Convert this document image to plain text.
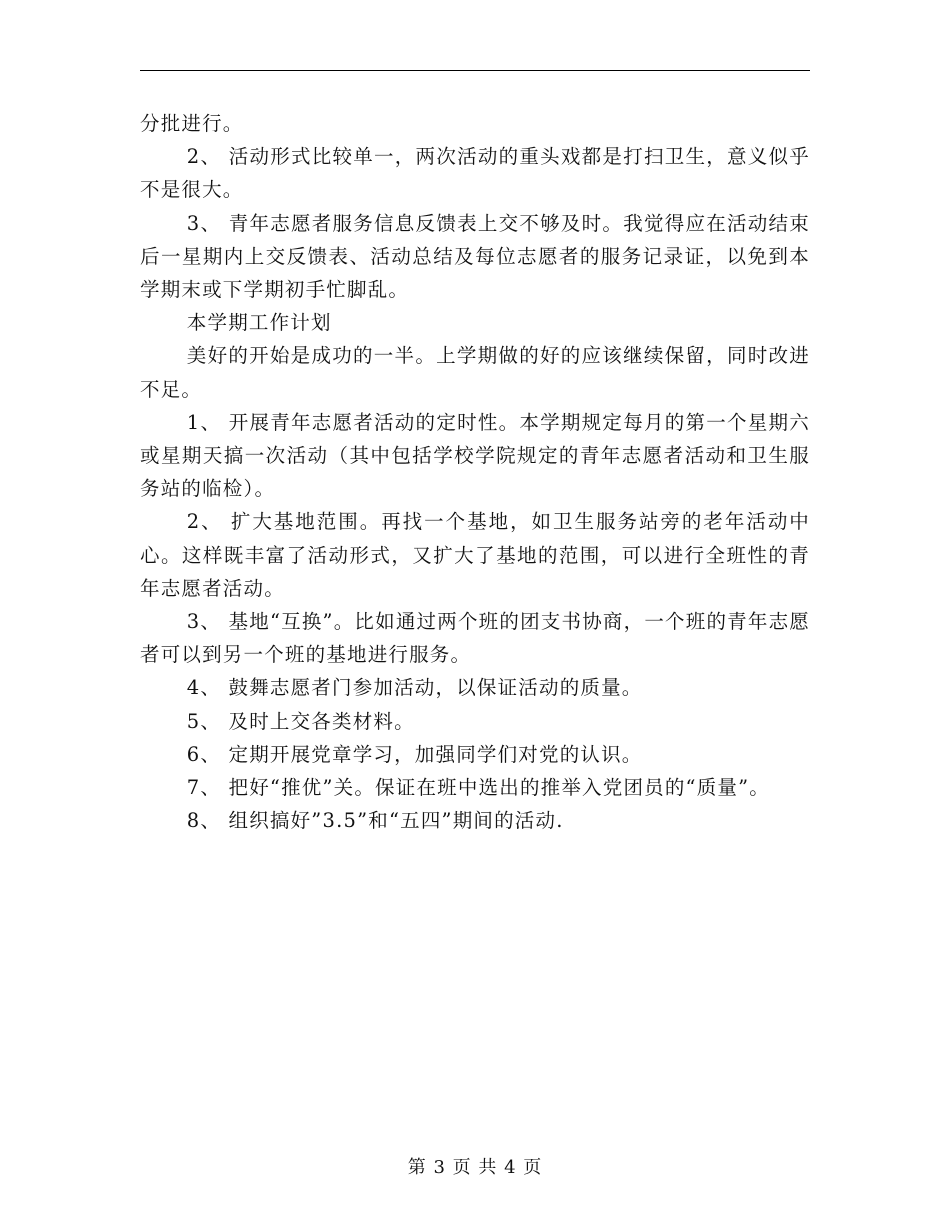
分批进行。

2、 活动形式比较单一，两次活动的重头戏都是打扫卫生，意义似乎不是很大。

3、 青年志愿者服务信息反馈表上交不够及时。我觉得应在活动结束后一星期内上交反馈表、活动总结及每位志愿者的服务记录证，以免到本学期末或下学期初手忙脚乱。

本学期工作计划

美好的开始是成功的一半。上学期做的好的应该继续保留，同时改进不足。

1、 开展青年志愿者活动的定时性。本学期规定每月的第一个星期六或星期天搞一次活动（其中包括学校学院规定的青年志愿者活动和卫生服务站的临检）。

2、 扩大基地范围。再找一个基地，如卫生服务站旁的老年活动中心。这样既丰富了活动形式，又扩大了基地的范围，可以进行全班性的青年志愿者活动。

3、 基地“互换”。比如通过两个班的团支书协商，一个班的青年志愿者可以到另一个班的基地进行服务。

4、 鼓舞志愿者门参加活动，以保证活动的质量。

5、 及时上交各类材料。

6、 定期开展党章学习，加强同学们对党的认识。

7、 把好“推优”关。保证在班中选出的推举入党团员的“质量”。

8、 组织搞好”3.5”和“五四”期间的活动.

第 3 页 共 4 页
